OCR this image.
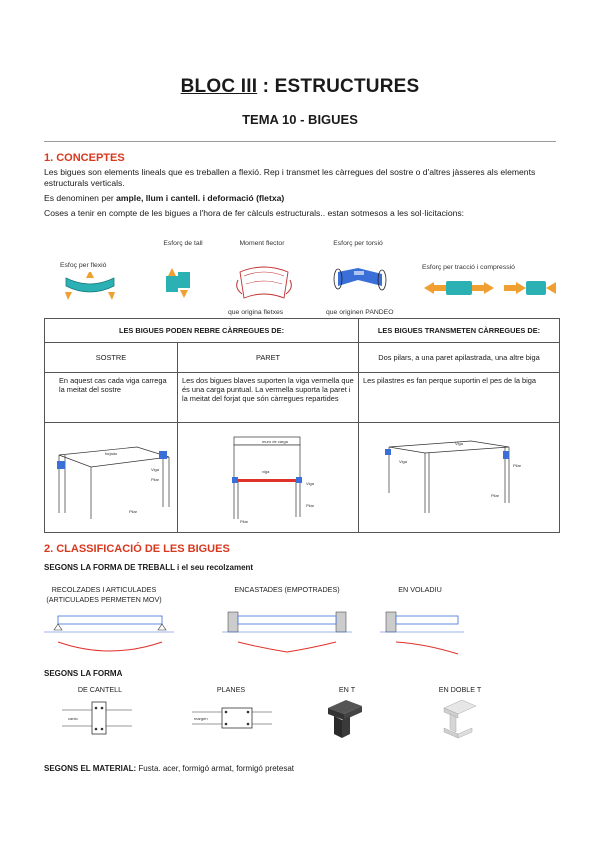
BLOC III : ESTRUCTURES
TEMA 10 - BIGUES
1. CONCEPTES
Les bigues son elements lineals que es treballen a flexió. Rep i transmet les càrregues del sostre o d'altres jàsseres als elements estructurals verticals.
Es denominen per ample, llum i cantell. i deformació (fletxa)
Coses a tenir en compte de les bigues a l'hora de fer càlculs estructurals.. estan sotmesos a les sol·licitacions:
Esfoç per flexió
Esforç de tall	Moment flector	Esforç per torsió
Esforç per tracció i compressió
que origina fletxes	que originen PANDEO
LES BIGUES PODEN REBRE CÀRREGUES DE:		LES BIGUES TRANSMETEN CÀRREGUES DE:
SOSTRE	PARET	Dos pilars, a una paret apilastrada, una altre biga
En aquest cas cada viga carrega la meitat del sostre	Les dos bigues blaves suporten la viga vermella que és una carga puntual. La vermella suporta la paret i la meitat del forjat que són càrregues repartides	Les pilastres es fan perque suportin el pes de la biga

forjado
Viga
Pilar
Pilar	muro de carga
viga
Viga
Pilar
Pilar	Viga
Pilar
Pilar
Viga
2. CLASSIFICACIÓ DE LES BIGUES
SEGONS LA FORMA DE TREBALL i el seu recolzament
RECOLZADES I ARTICULADES
(ARTICULADES PERMETEN MOV)
ENCASTADES (EMPOTRADES)	EN VOLADIU
SEGONS LA FORMA
DE CANTELL	PLANES	EN T	EN DOBLE T
canto	margen
SEGONS EL MATERIAL: Fusta. acer, formigó armat, formigó pretesat
